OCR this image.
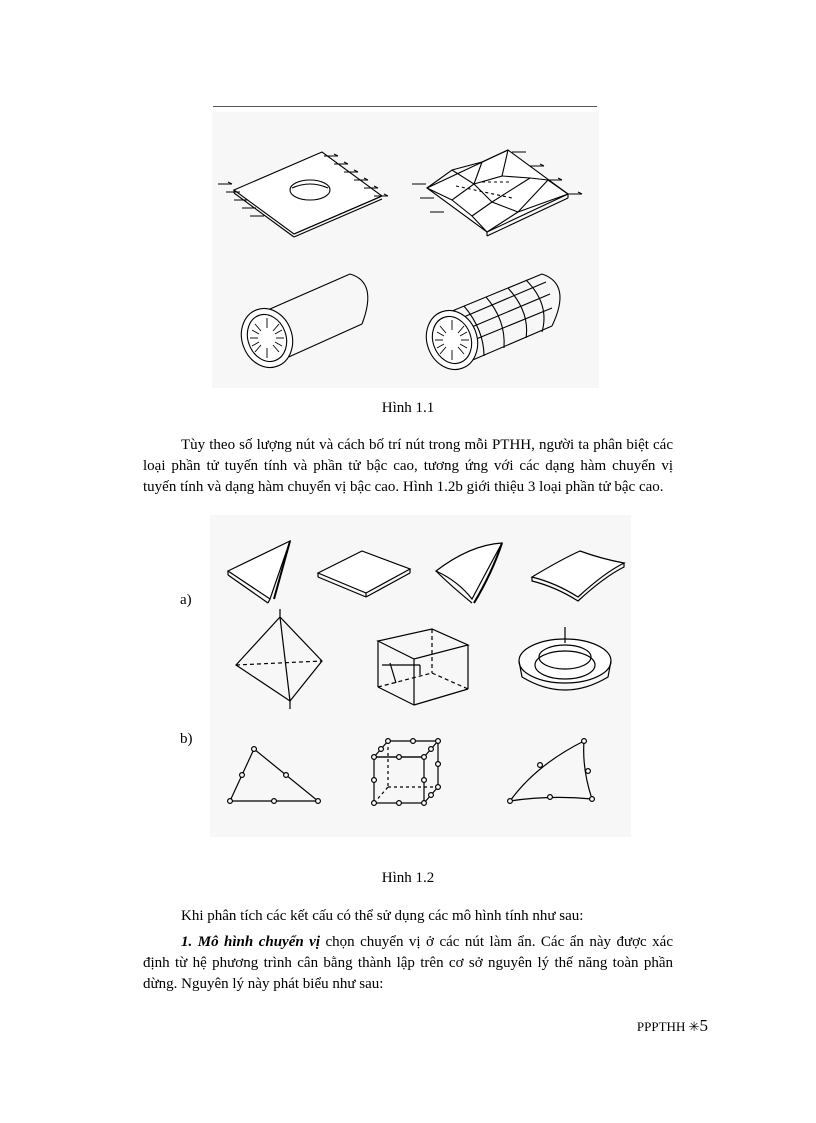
Hình 1.1
Tùy theo số lượng nút và cách bố trí nút trong mỗi PTHH, người ta phân biệt các loại phần tử tuyến tính và phần tử bậc cao, tương ứng với các dạng hàm chuyển vị tuyến tính và dạng hàm chuyển vị bậc cao. Hình 1.2b giới thiệu 3 loại phần tử bậc cao.
a)
b)
Hình 1.2
Khi phân tích các kết cấu có thể sử dụng các mô hình tính như sau:
1. Mô hình chuyển vị chọn chuyển vị ở các nút làm ẩn. Các ẩn này được xác định từ hệ phương trình cân bằng thành lập trên cơ sở nguyên lý thế năng toàn phần dừng. Nguyên lý này phát biểu như sau:
PPPTHH ✳5
